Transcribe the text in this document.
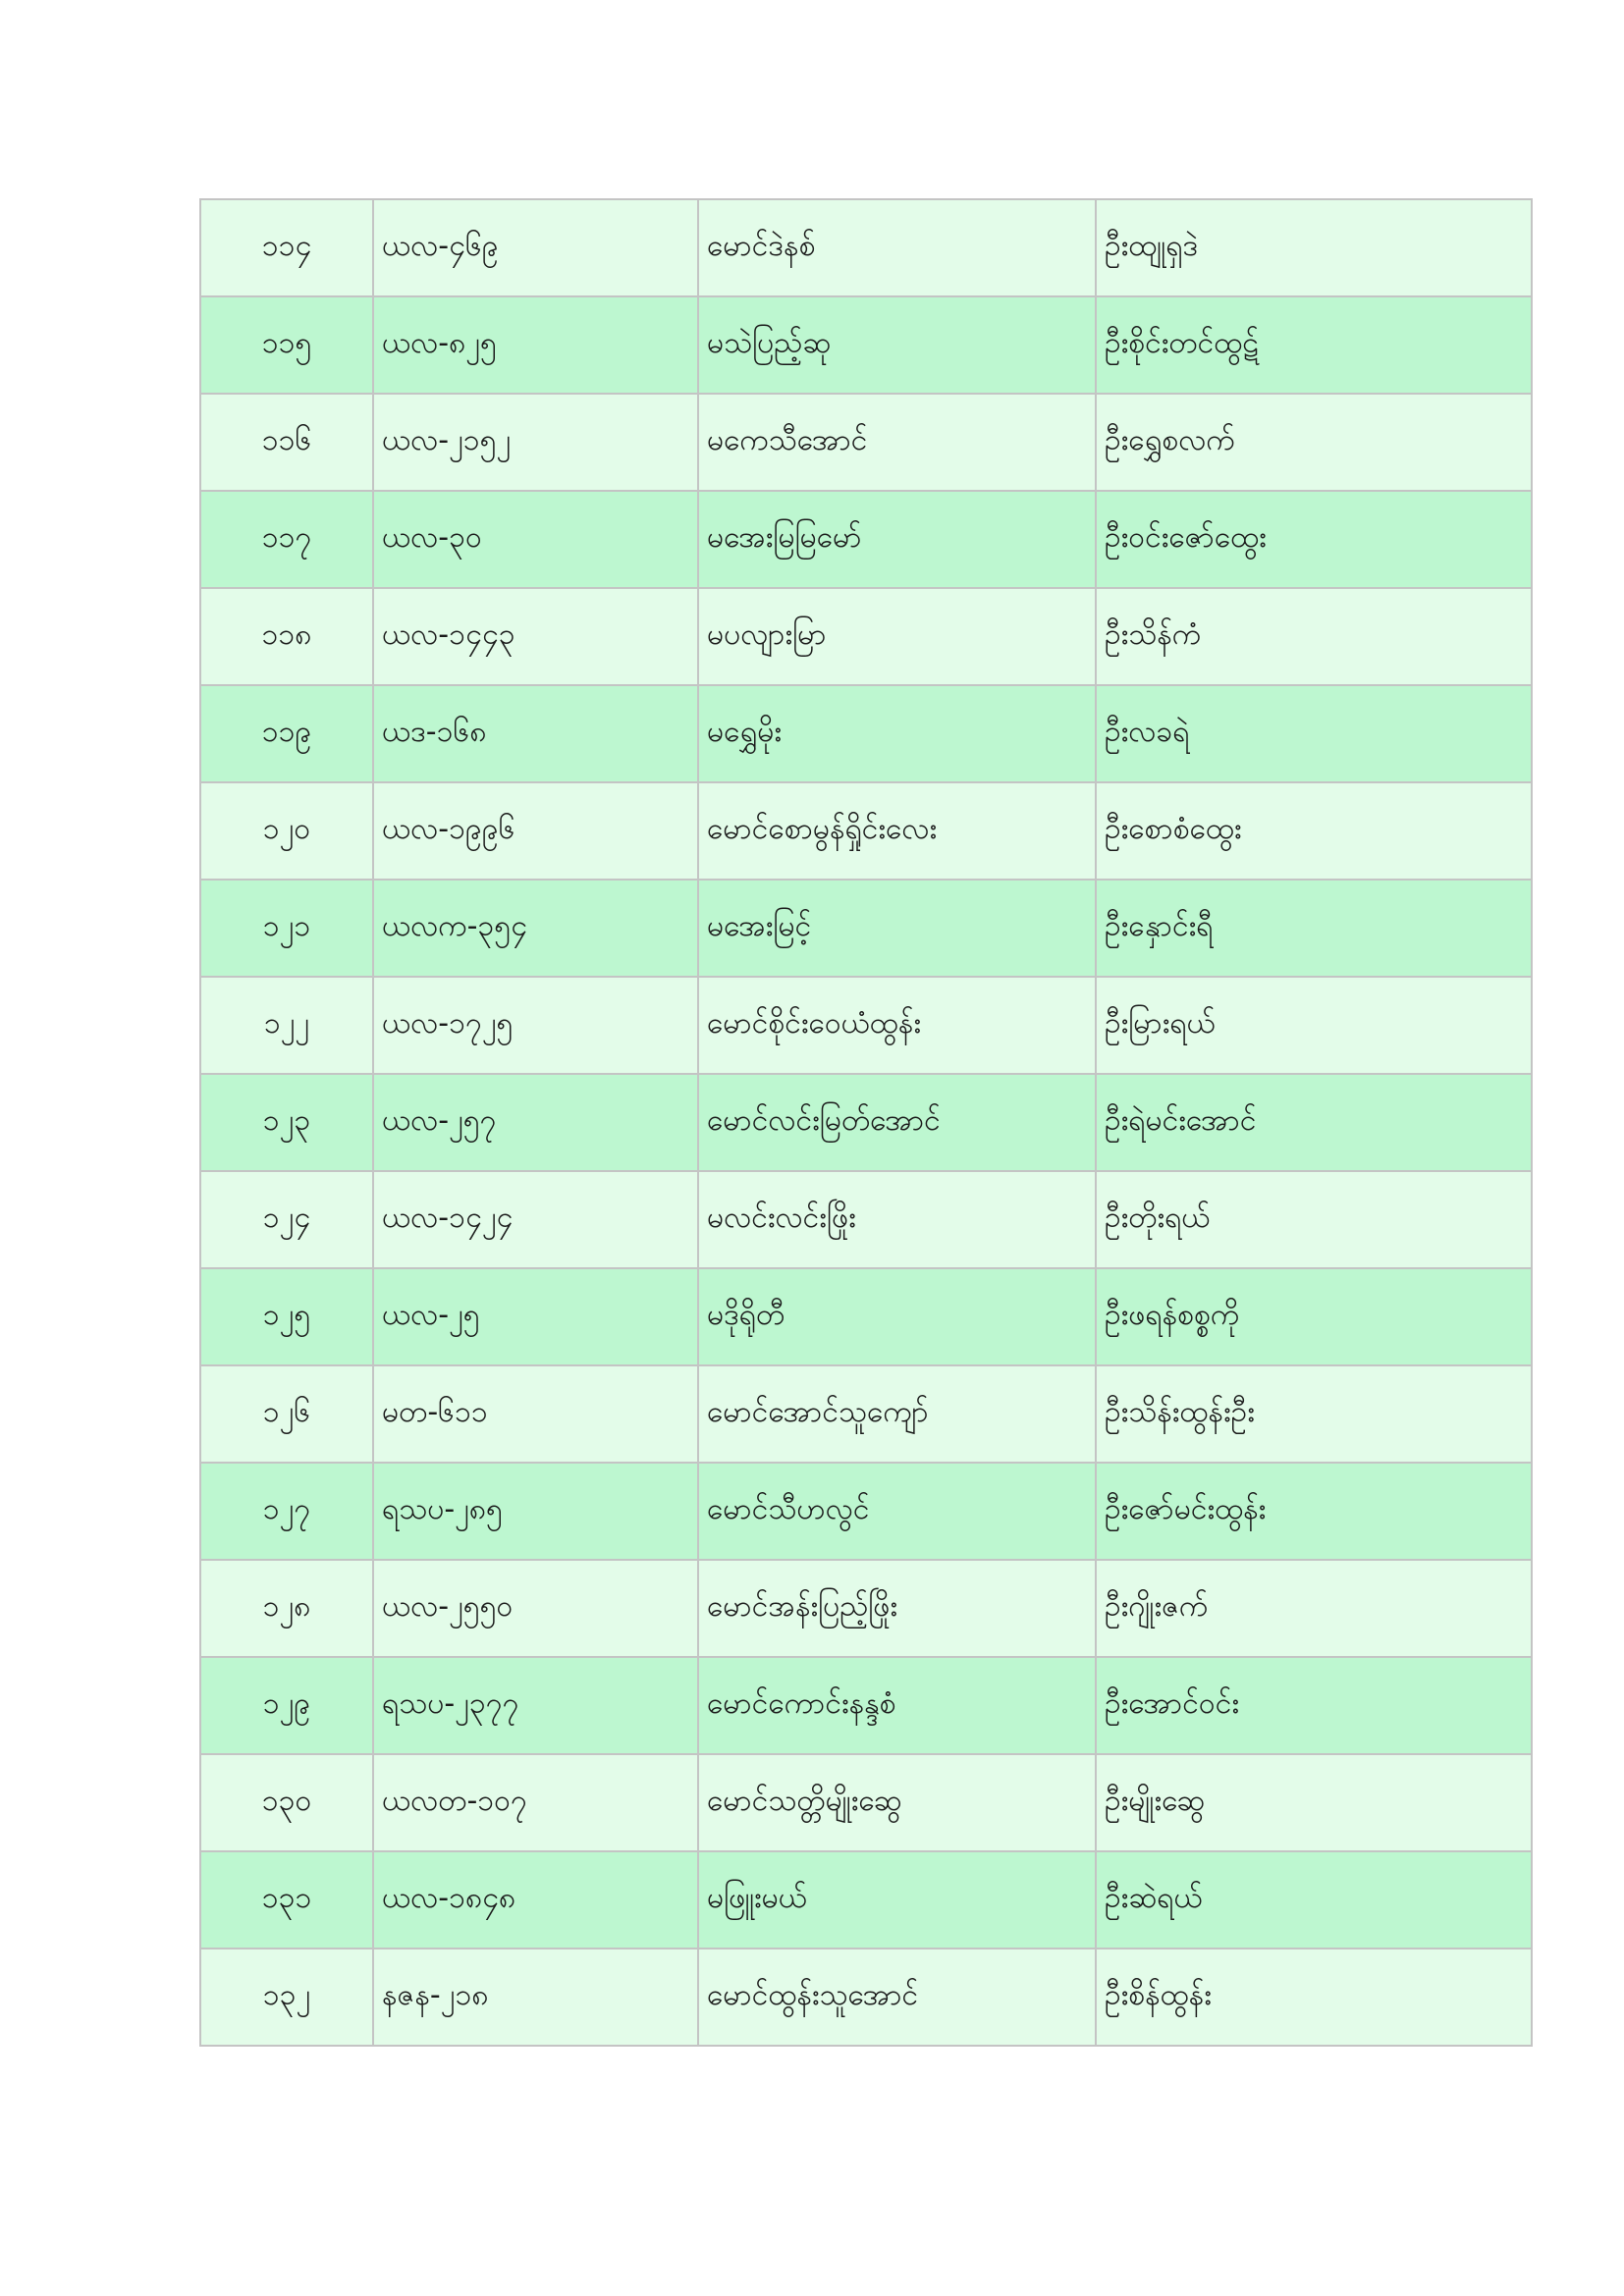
၁၁၄	ယလ-၄၆၉	မောင်ဒဲနစ်	ဦးထျုရှဒဲ
၁၁၅	ယလ-၈၂၅	မသဲပြည့်ဆု	ဦးစိုင်းတင်ထွဋ်
၁၁၆	ယလ-၂၁၅၂	မကေသီအောင်	ဦးရွှေစလက်
၁၁၇	ယလ-၃၀	မအေးမြမြမော်	ဦးဝင်းဇော်ထွေး
၁၁၈	ယလ-၁၄၄၃	မပလျားမြာ	ဦးသိန်ကံ
၁၁၉	ယဒ-၁၆၈	မရွှေမိုး	ဦးလခရဲ
၁၂၀	ယလ-၁၉၉၆	မောင်စောမွန်ရှိုင်းလေး	ဦးစောစံထွေး
၁၂၁	ယလက-၃၅၄	မအေးမြင့်	ဦးနှောင်းရီ
၁၂၂	ယလ-၁၇၂၅	မောင်စိုင်းဝေယံထွန်း	ဦးမြားရယ်
၁၂၃	ယလ-၂၅၇	မောင်လင်းမြတ်အောင်	ဦးရဲမင်းအောင်
၁၂၄	ယလ-၁၄၂၄	မလင်းလင်းဖြိုး	ဦးတိုးရယ်
၁၂၅	ယလ-၂၅	မဒိုရိုတီ	ဦးဖရန်စစ္စကို
၁၂၆	မတ-၆၁၁	မောင်အောင်သူကျော်	ဦးသိန်းထွန်းဦး
၁၂၇	ရသပ-၂၈၅	မောင်သီဟလွင်	ဦးဇော်မင်းထွန်း
၁၂၈	ယလ-၂၅၅၀	မောင်အန်းပြည့်ဖြိုး	ဦးဂျိုးဇက်
၁၂၉	ရသပ-၂၃၇၇	မောင်ကောင်းနန္ဒစံ	ဦးအောင်ဝင်း
၁၃၀	ယလတ-၁၀၇	မောင်သတ္တိမျိုးဆွေ	ဦးမျိုးဆွေ
၁၃၁	ယလ-၁၈၄၈	မဖြူးမယ်	ဦးဆဲရယ်
၁၃၂	နဇန-၂၁၈	မောင်ထွန်းသူအောင်	ဦးစိန်ထွန်း
